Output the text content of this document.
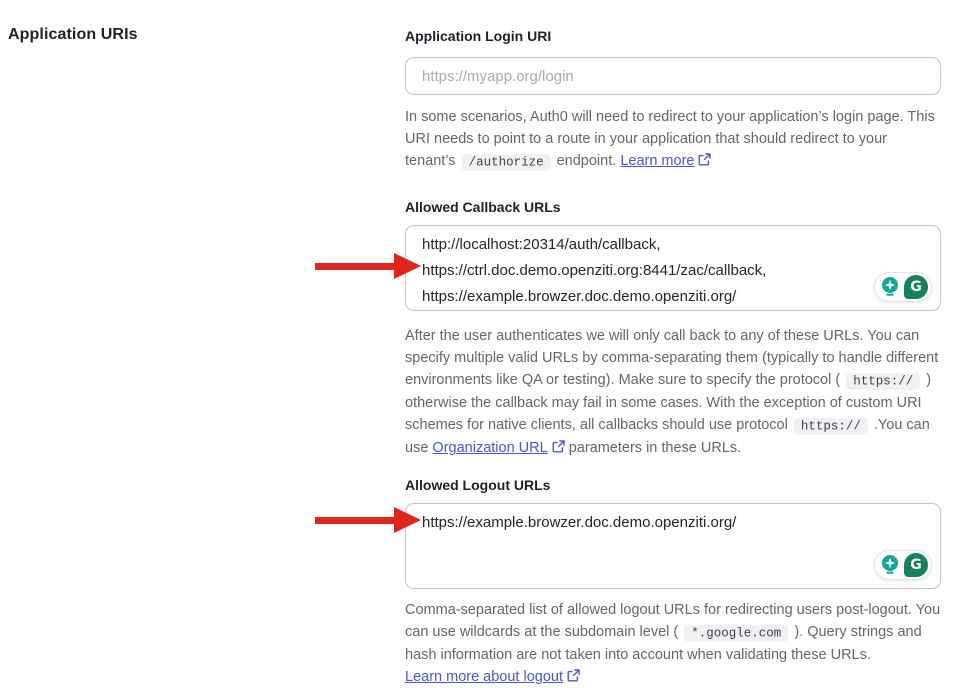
Application URIs	Application Login URI
https://myapp.org/login

In some scenarios, Auth0 will need to redirect to your application’s login page. This URI needs to point to a route in your application that should redirect to your tenant’s /authorize endpoint. Learn more

Allowed Callback URLs
http://localhost:20314/auth/callback,
https://ctrl.doc.demo.openziti.org:8441/zac/callback,
https://example.browzer.doc.demo.openziti.org/
G

After the user authenticates we will only call back to any of these URLs. You can specify multiple valid URLs by comma-separating them (typically to handle different environments like QA or testing). Make sure to specify the protocol ( https:// ) otherwise the callback may fail in some cases. With the exception of custom URI schemes for native clients, all callbacks should use protocol https:// .You can use Organization URL parameters in these URLs.

Allowed Logout URLs
https://example.browzer.doc.demo.openziti.org/
G

Comma-separated list of allowed logout URLs for redirecting users post-logout. You can use wildcards at the subdomain level ( *.google.com ). Query strings and hash information are not taken into account when validating these URLs.
Learn more about logout
